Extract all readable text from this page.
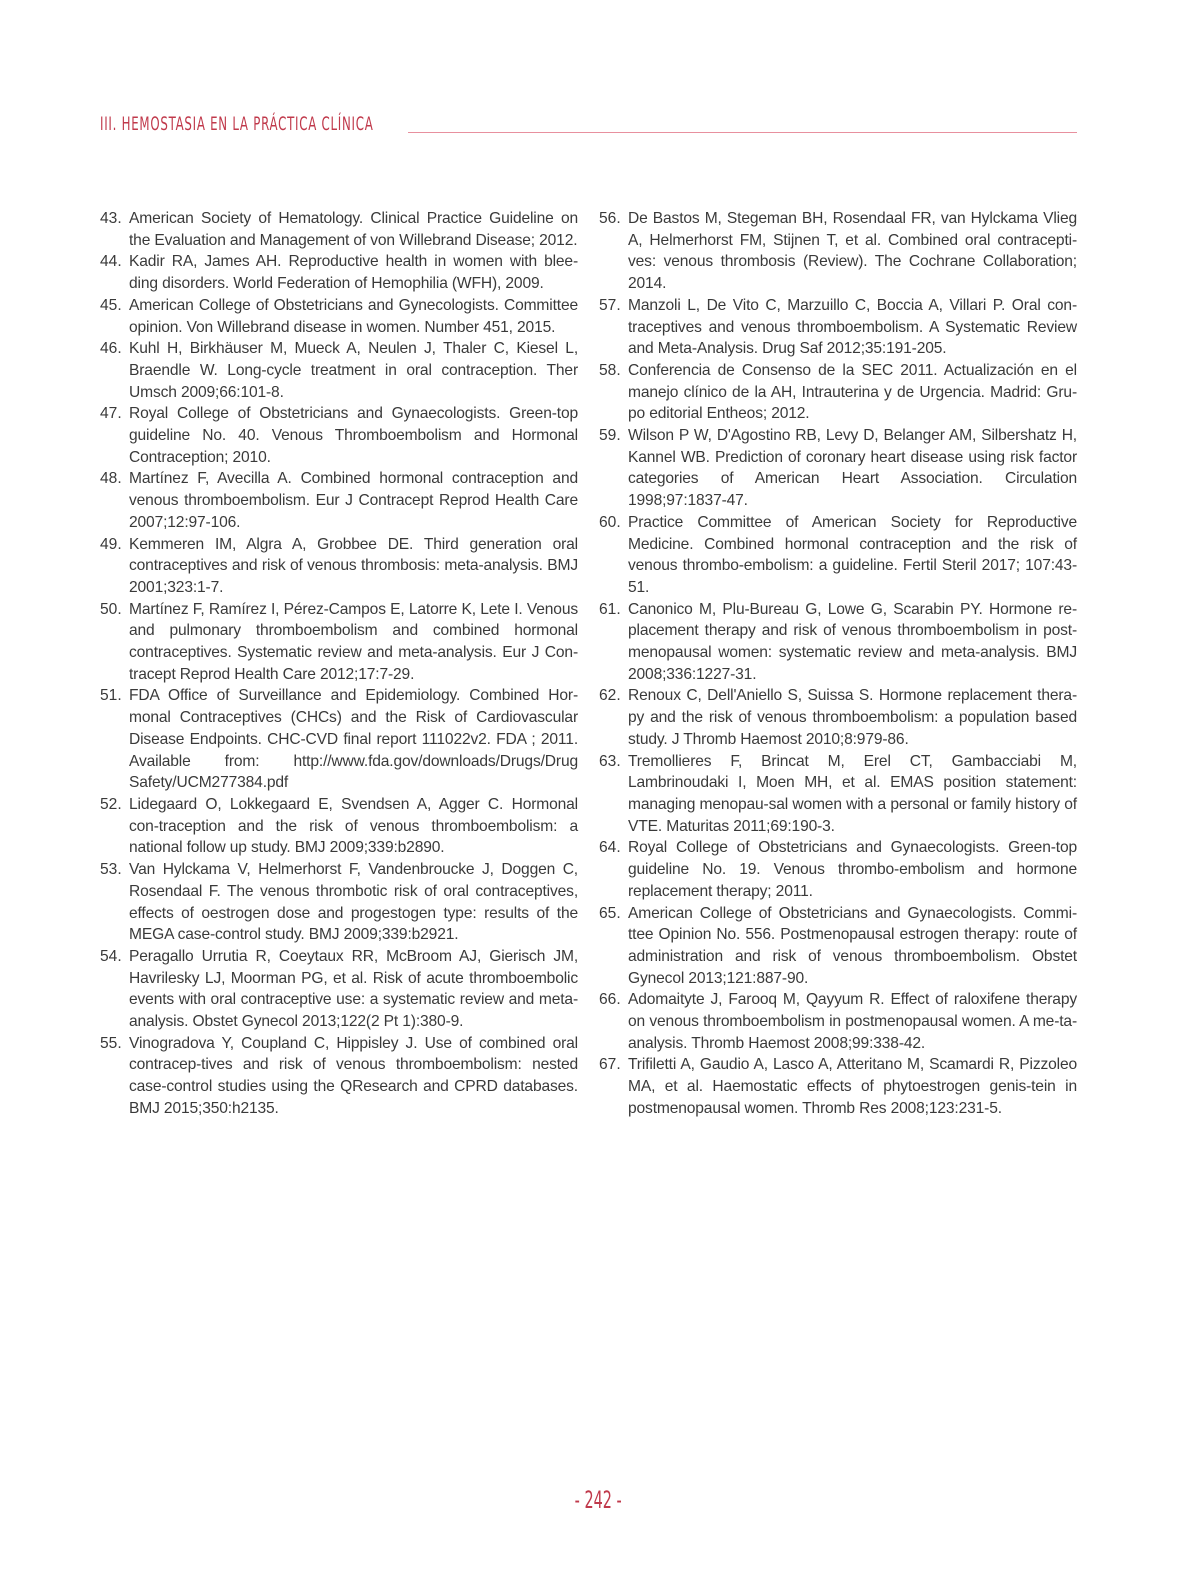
III. HEMOSTASIA EN LA PRÁCTICA CLÍNICA
43. American Society of Hematology. Clinical Practice Guideline on the Evaluation and Management of von Willebrand Disease; 2012.
44. Kadir RA, James AH. Reproductive health in women with blee-ding disorders. World Federation of Hemophilia (WFH), 2009.
45. American College of Obstetricians and Gynecologists. Committee opinion. Von Willebrand disease in women. Number 451, 2015.
46. Kuhl H, Birkhäuser M, Mueck A, Neulen J, Thaler C, Kiesel L, Braendle W. Long-cycle treatment in oral contraception. Ther Umsch 2009;66:101-8.
47. Royal College of Obstetricians and Gynaecologists. Green-top guideline No. 40. Venous Thromboembolism and Hormonal Contraception; 2010.
48. Martínez F, Avecilla A. Combined hormonal contraception and venous thromboembolism. Eur J Contracept Reprod Health Care 2007;12:97-106.
49. Kemmeren IM, Algra A, Grobbee DE. Third generation oral contraceptives and risk of venous thrombosis: meta-analysis. BMJ 2001;323:1-7.
50. Martínez F, Ramírez I, Pérez-Campos E, Latorre K, Lete I. Venous and pulmonary thromboembolism and combined hormonal contraceptives. Systematic review and meta-analysis. Eur J Con-tracept Reprod Health Care 2012;17:7-29.
51. FDA Office of Surveillance and Epidemiology. Combined Hor-monal Contraceptives (CHCs) and the Risk of Cardiovascular Disease Endpoints. CHC-CVD final report 111022v2. FDA ; 2011. Available from: http://www.fda.gov/downloads/Drugs/Drug Safety/UCM277384.pdf
52. Lidegaard O, Lokkegaard E, Svendsen A, Agger C. Hormonal con-traception and the risk of venous thromboembolism: a national follow up study. BMJ 2009;339:b2890.
53. Van Hylckama V, Helmerhorst F, Vandenbroucke J, Doggen C, Rosendaal F. The venous thrombotic risk of oral contraceptives, effects of oestrogen dose and progestogen type: results of the MEGA case-control study. BMJ 2009;339:b2921.
54. Peragallo Urrutia R, Coeytaux RR, McBroom AJ, Gierisch JM, Havrilesky LJ, Moorman PG, et al. Risk of acute thromboembolic events with oral contraceptive use: a systematic review and meta-analysis. Obstet Gynecol 2013;122(2 Pt 1):380-9.
55. Vinogradova Y, Coupland C, Hippisley J. Use of combined oral contracep-tives and risk of venous thromboembolism: nested case-control studies using the QResearch and CPRD databases. BMJ 2015;350:h2135.
56. De Bastos M, Stegeman BH, Rosendaal FR, van Hylckama Vlieg A, Helmerhorst FM, Stijnen T, et al. Combined oral contracepti-ves: venous thrombosis (Review). The Cochrane Collaboration; 2014.
57. Manzoli L, De Vito C, Marzuillo C, Boccia A, Villari P. Oral con-traceptives and venous thromboembolism. A Systematic Review and Meta-Analysis. Drug Saf 2012;35:191-205.
58. Conferencia de Consenso de la SEC 2011. Actualización en el manejo clínico de la AH, Intrauterina y de Urgencia. Madrid: Gru-po editorial Entheos; 2012.
59. Wilson P W, D'Agostino RB, Levy D, Belanger AM, Silbershatz H, Kannel WB. Prediction of coronary heart disease using risk factor categories of American Heart Association. Circulation 1998;97:1837-47.
60. Practice Committee of American Society for Reproductive Medicine. Combined hormonal contraception and the risk of venous thrombo-embolism: a guideline. Fertil Steril 2017; 107:43-51.
61. Canonico M, Plu-Bureau G, Lowe G, Scarabin PY. Hormone re-placement therapy and risk of venous thromboembolism in post-menopausal women: systematic review and meta-analysis. BMJ 2008;336:1227-31.
62. Renoux C, Dell'Aniello S, Suissa S. Hormone replacement thera-py and the risk of venous thromboembolism: a population based study. J Thromb Haemost 2010;8:979-86.
63. Tremollieres F, Brincat M, Erel CT, Gambacciabi M, Lambrinoudaki I, Moen MH, et al. EMAS position statement: managing menopau-sal women with a personal or family history of VTE. Maturitas 2011;69:190-3.
64. Royal College of Obstetricians and Gynaecologists. Green-top guideline No. 19. Venous thrombo-embolism and hormone replacement therapy; 2011.
65. American College of Obstetricians and Gynaecologists. Commi-ttee Opinion No. 556. Postmenopausal estrogen therapy: route of administration and risk of venous thromboembolism. Obstet Gynecol 2013;121:887-90.
66. Adomaityte J, Farooq M, Qayyum R. Effect of raloxifene therapy on venous thromboembolism in postmenopausal women. A me-ta-analysis. Thromb Haemost 2008;99:338-42.
67. Trifiletti A, Gaudio A, Lasco A, Atteritano M, Scamardi R, Pizzoleo MA, et al. Haemostatic effects of phytoestrogen genis-tein in postmenopausal women. Thromb Res 2008;123:231-5.
- 242 -
